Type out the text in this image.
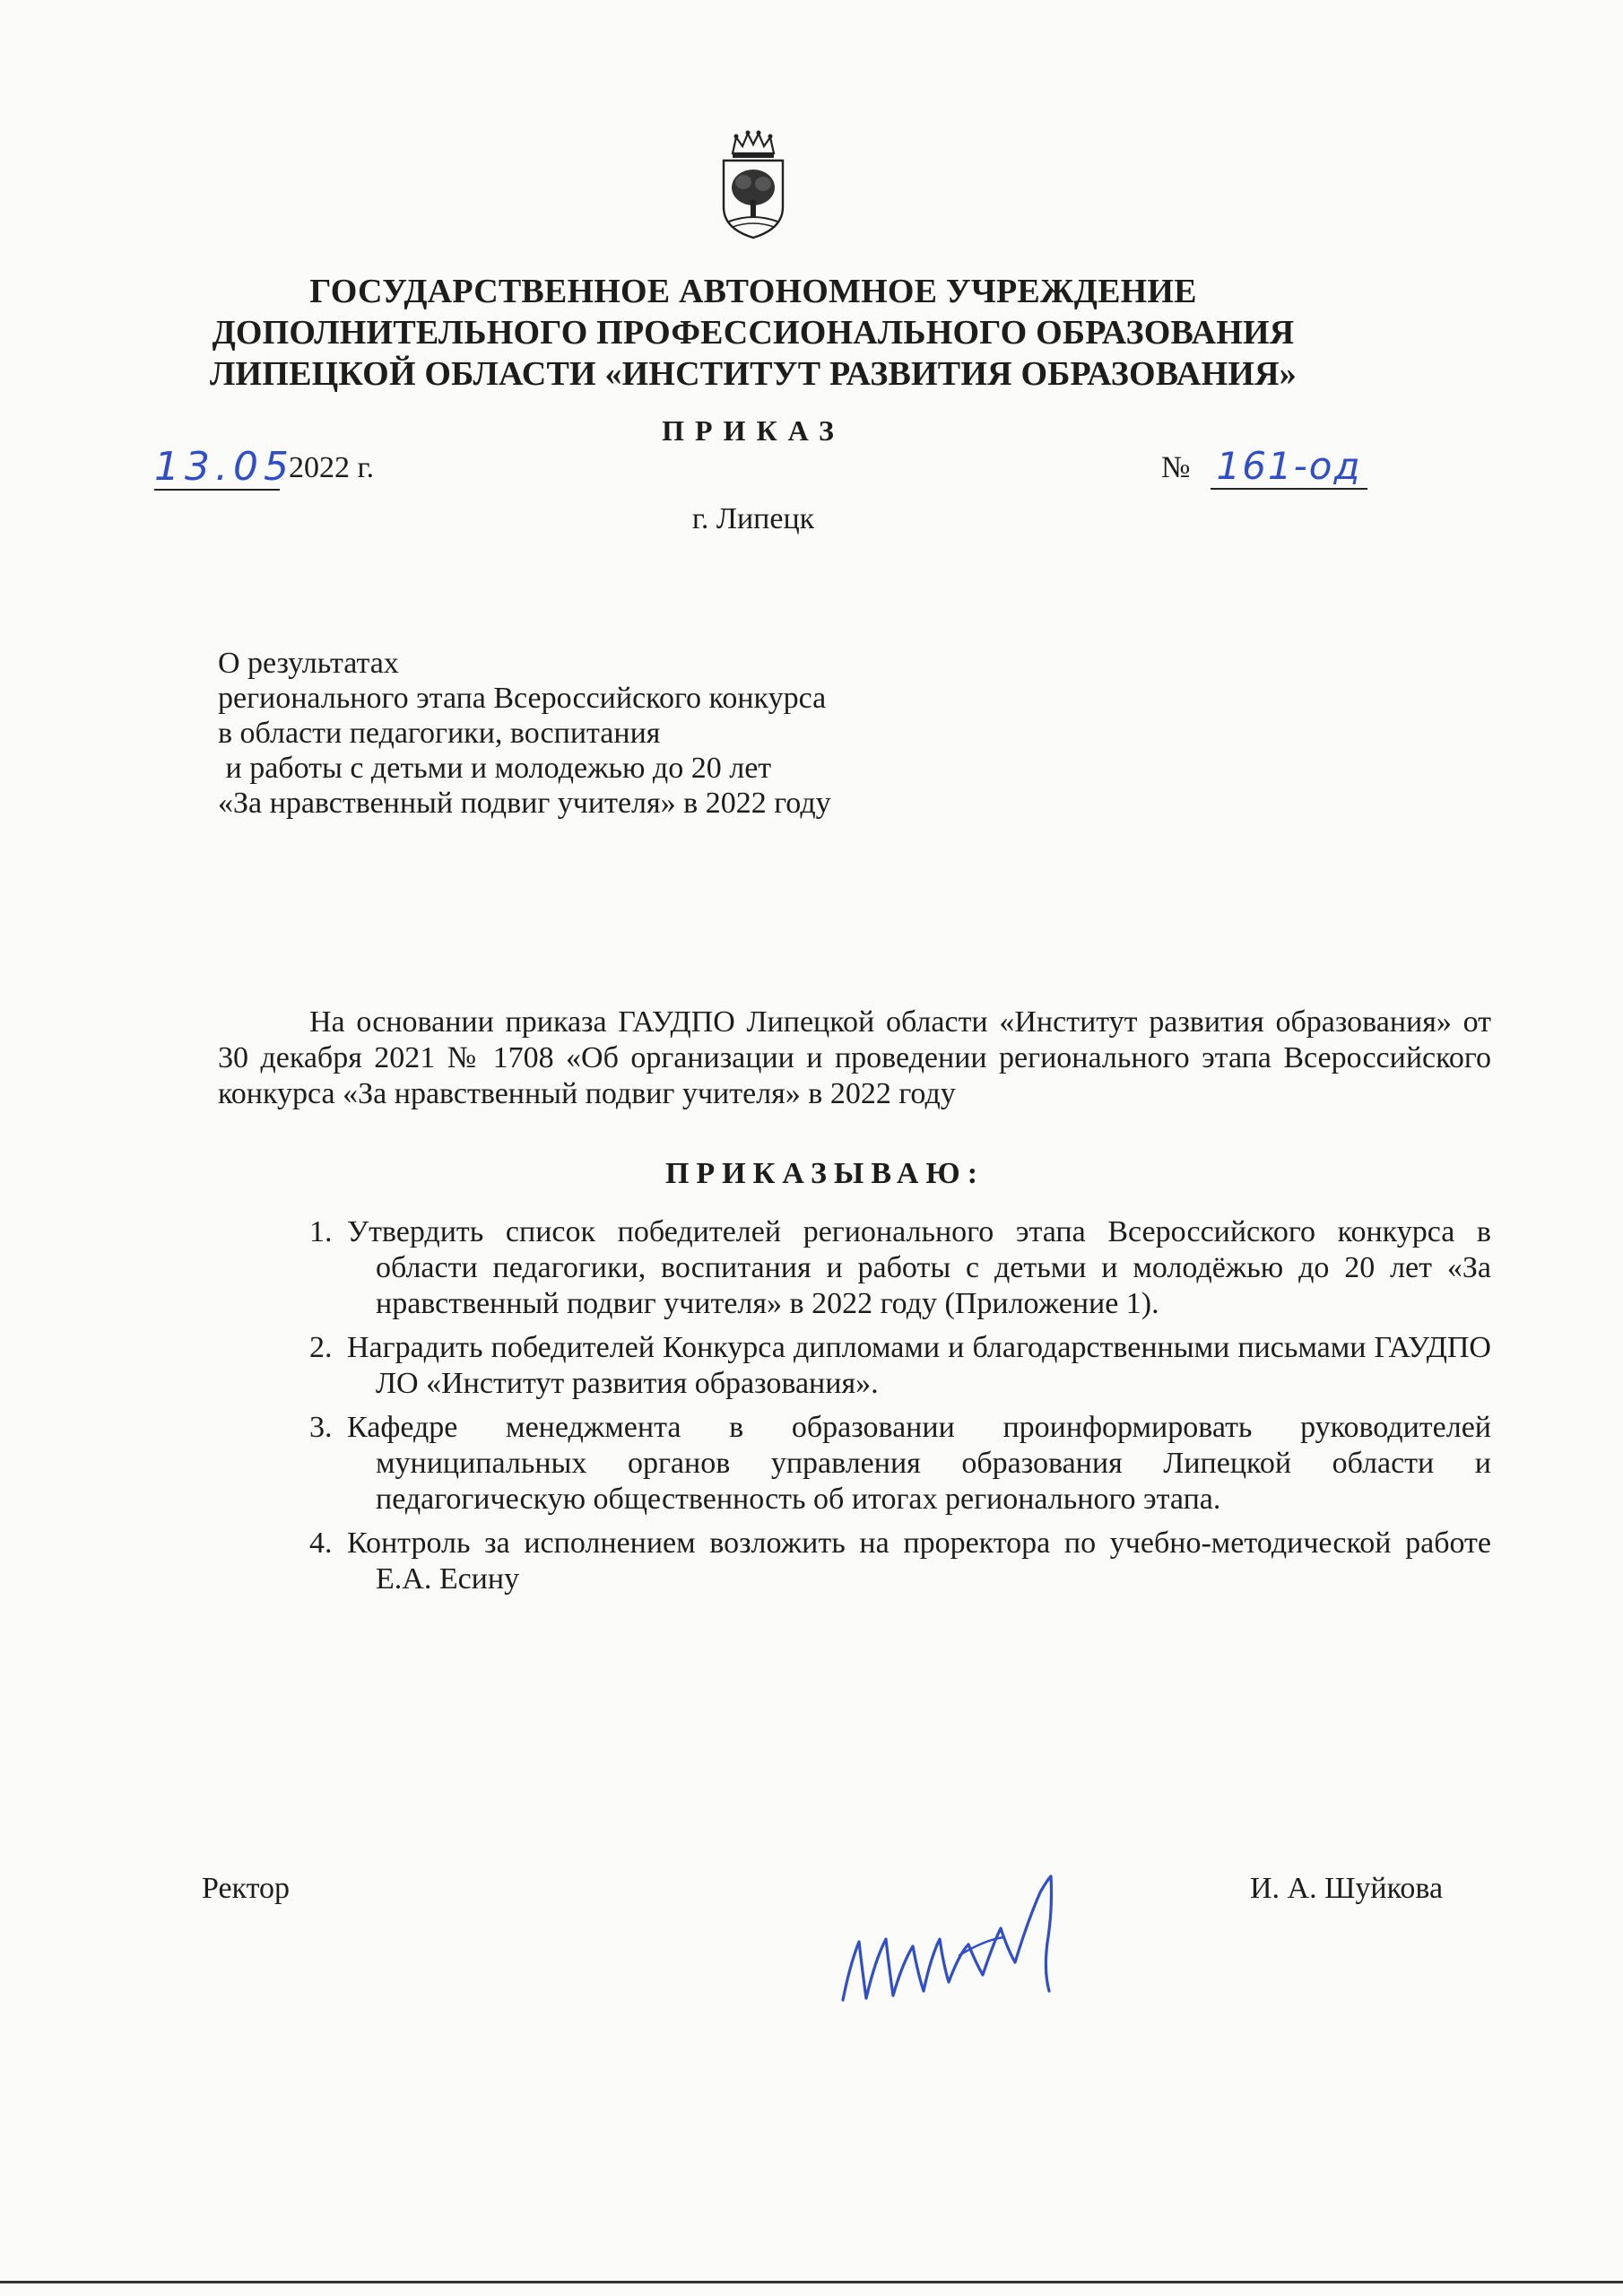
ГОСУДАРСТВЕННОЕ АВТОНОМНОЕ УЧРЕЖДЕНИЕ
ДОПОЛНИТЕЛЬНОГО ПРОФЕССИОНАЛЬНОГО ОБРАЗОВАНИЯ
ЛИПЕЦКОЙ ОБЛАСТИ «ИНСТИТУТ РАЗВИТИЯ ОБРАЗОВАНИЯ»
ПРИКАЗ
13.05
2022 г.	№ 161-од
г. Липецк
О результатах
регионального этапа Всероссийского конкурса
в области педагогики, воспитания
и работы с детьми и молодежью до 20 лет
«За нравственный подвиг учителя» в 2022 году
На основании приказа ГАУДПО Липецкой области «Институт развития образования» от 30 декабря 2021 № 1708 «Об организации и проведении регионального этапа Всероссийского конкурса «За нравственный подвиг учителя» в 2022 году
ПРИКАЗЫВАЮ:
1. Утвердить список победителей регионального этапа Всероссийского конкурса в области педагогики, воспитания и работы с детьми и молодёжью до 20 лет «За нравственный подвиг учителя» в 2022 году (Приложение 1).
2. Наградить победителей Конкурса дипломами и благодарственными письмами ГАУДПО ЛО «Институт развития образования».
3. Кафедре менеджмента в образовании проинформировать руководителей муниципальных органов управления образования Липецкой области и педагогическую общественность об итогах регионального этапа.
4. Контроль за исполнением возложить на проректора по учебно-методической работе Е.А. Есину
Ректор	И. А. Шуйкова
